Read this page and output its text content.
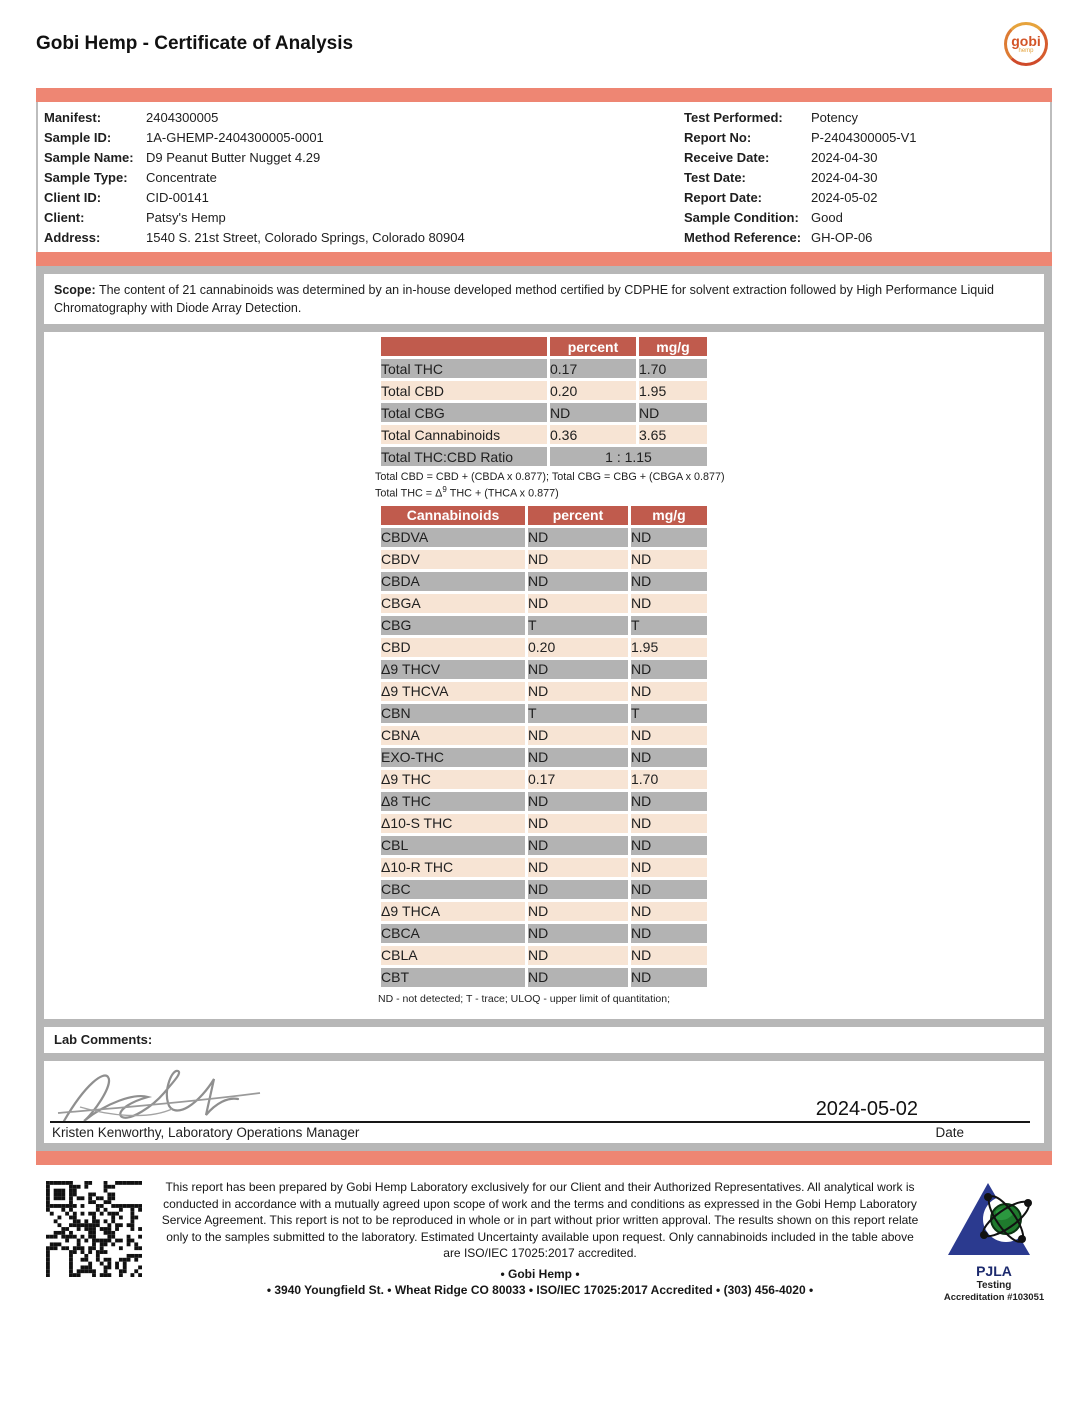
Gobi Hemp - Certificate of Analysis	gobi
hemp
Manifest:	2404300005
Sample ID:	1A-GHEMP-2404300005-0001
Sample Name: D9 Peanut Butter Nugget 4.29
Sample Type:	Concentrate
Client ID:	CID-00141
Client:	Patsy's Hemp
Address:	1540 S. 21st Street, Colorado Springs, Colorado 80904
Test Performed:	Potency
Report No:	P-2404300005-V1
Receive Date:	2024-04-30
Test Date:	2024-04-30
Report Date:	2024-05-02
Sample Condition: Good
Method Reference: GH-OP-06
Scope: The content of 21 cannabinoids was determined by an in-house developed method certified by CDPHE for solvent extraction followed by High Performance Liquid Chromatography with Diode Array Detection.
	percent	mg/g
Total THC	0.17	1.70
Total CBD	0.20	1.95
Total CBG	ND	ND
Total Cannabinoids	0.36	3.65
Total THC:CBD Ratio	1 : 1.15	
Total CBD = CBD + (CBDA x 0.877); Total CBG = CBG + (CBGA x 0.877)
Total THC = $\Delta^9$ THC + (THCA x 0.877)
Cannabinoids	percent	mg/g
CBDVA	ND	ND
CBDV	ND	ND
CBDA	ND	ND
CBGA	ND	ND
CBG	T	T
CBD	0.20	1.95
Δ9 THCV	ND	ND
Δ9 THCVA	ND	ND
CBN	T	T
CBNA	ND	ND
EXO-THC	ND	ND
Δ9 THC	0.17	1.70
Δ8 THC	ND	ND
Δ10-S THC	ND	ND
CBL	ND	ND
Δ10-R THC	ND	ND
CBC	ND	ND
Δ9 THCA	ND	ND
CBCA	ND	ND
CBLA	ND	ND
CBT	ND	ND
ND - not detected; T - trace; ULOQ - upper limit of quantitation;
Lab Comments:
2024-05-02
Kristen Kenworthy, Laboratory Operations Manager	Date
This report has been prepared by Gobi Hemp Laboratory exclusively for our Client and their Authorized Representatives. All analytical work is conducted in accordance with a mutually agreed upon scope of work and the terms and conditions as expressed in the Gobi Hemp Laboratory Service Agreement. This report is not to be reproduced in whole or in part without prior written approval. The results shown on this report relate only to the samples submitted to the laboratory. Estimated Uncertainty available upon request. Only cannabinoids included in the table above are ISO/IEC 17025:2017 accredited.
• Gobi Hemp •
• 3940 Youngfield St. • Wheat Ridge CO 80033 • ISO/IEC 17025:2017 Accredited • (303) 456-4020 •
PJLA
Testing
Accreditation #103051
